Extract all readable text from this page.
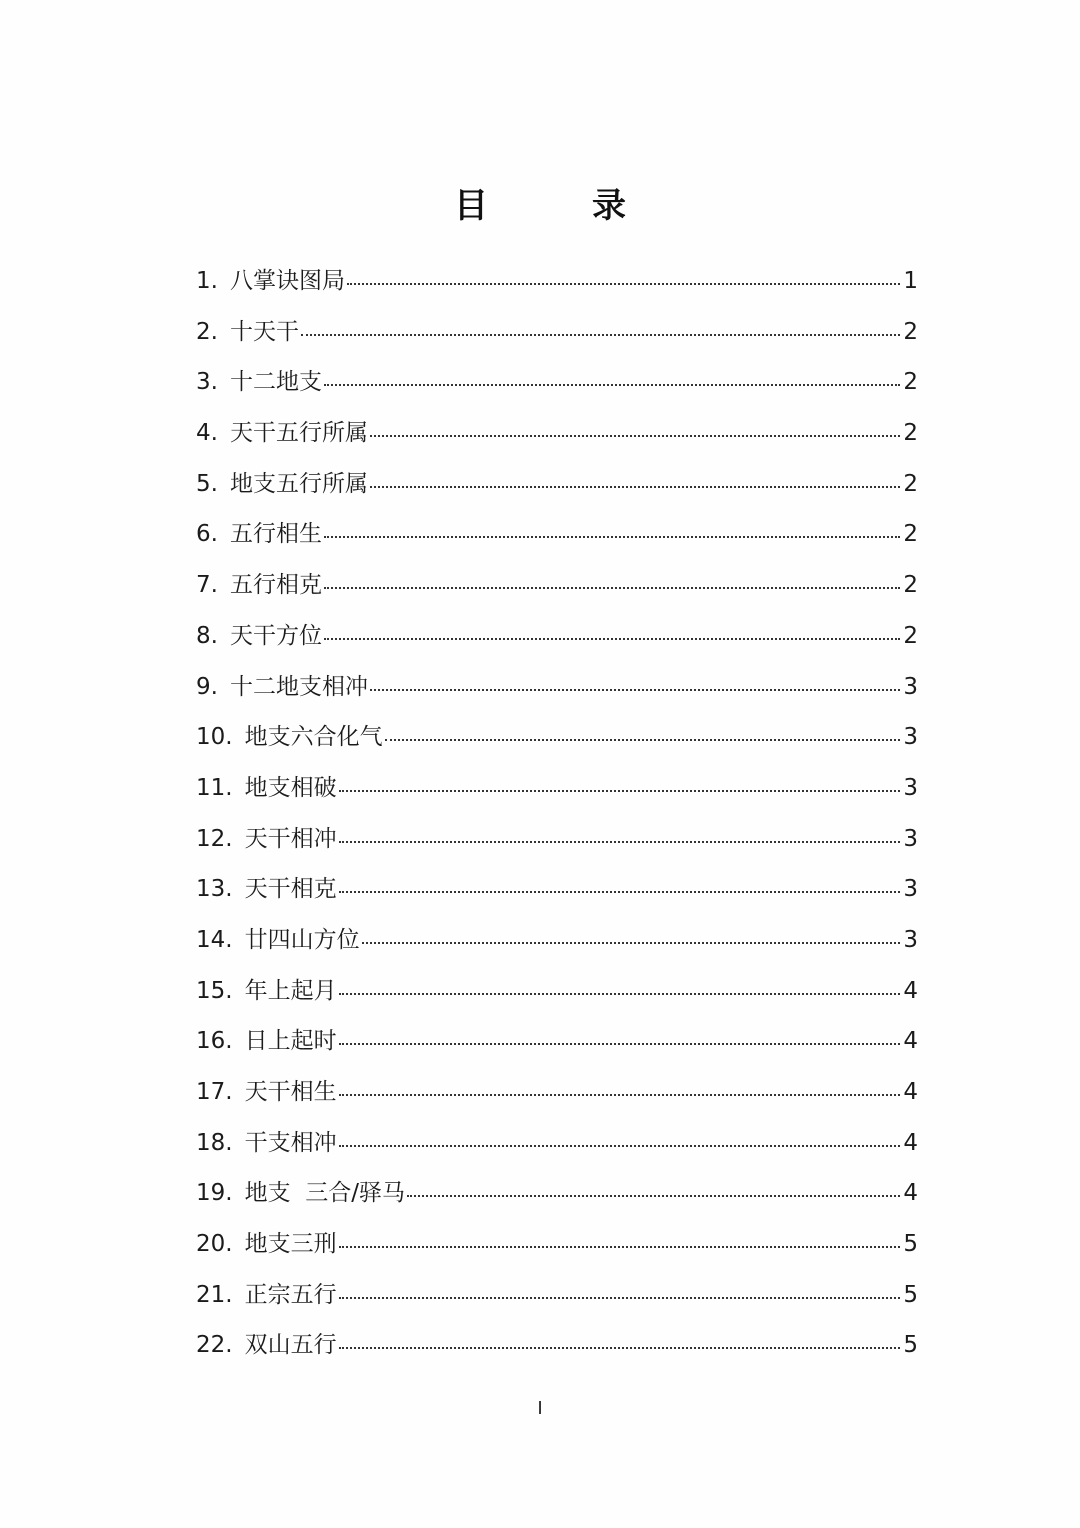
目	录
1. 八掌诀图局	1
2. 十天干	2
3. 十二地支	2
4. 天干五行所属	2
5. 地支五行所属	2
6. 五行相生	2
7. 五行相克	2
8. 天干方位	2
9. 十二地支相冲	3
10. 地支六合化气	3
11. 地支相破	3
12. 天干相冲	3
13. 天干相克	3
14. 廿四山方位	3
15. 年上起月	4
16. 日上起时	4
17. 天干相生	4
18. 干支相冲	4
19. 地支  三合/驿马	4
20. 地支三刑	5
21. 正宗五行	5
22. 双山五行	5
I
